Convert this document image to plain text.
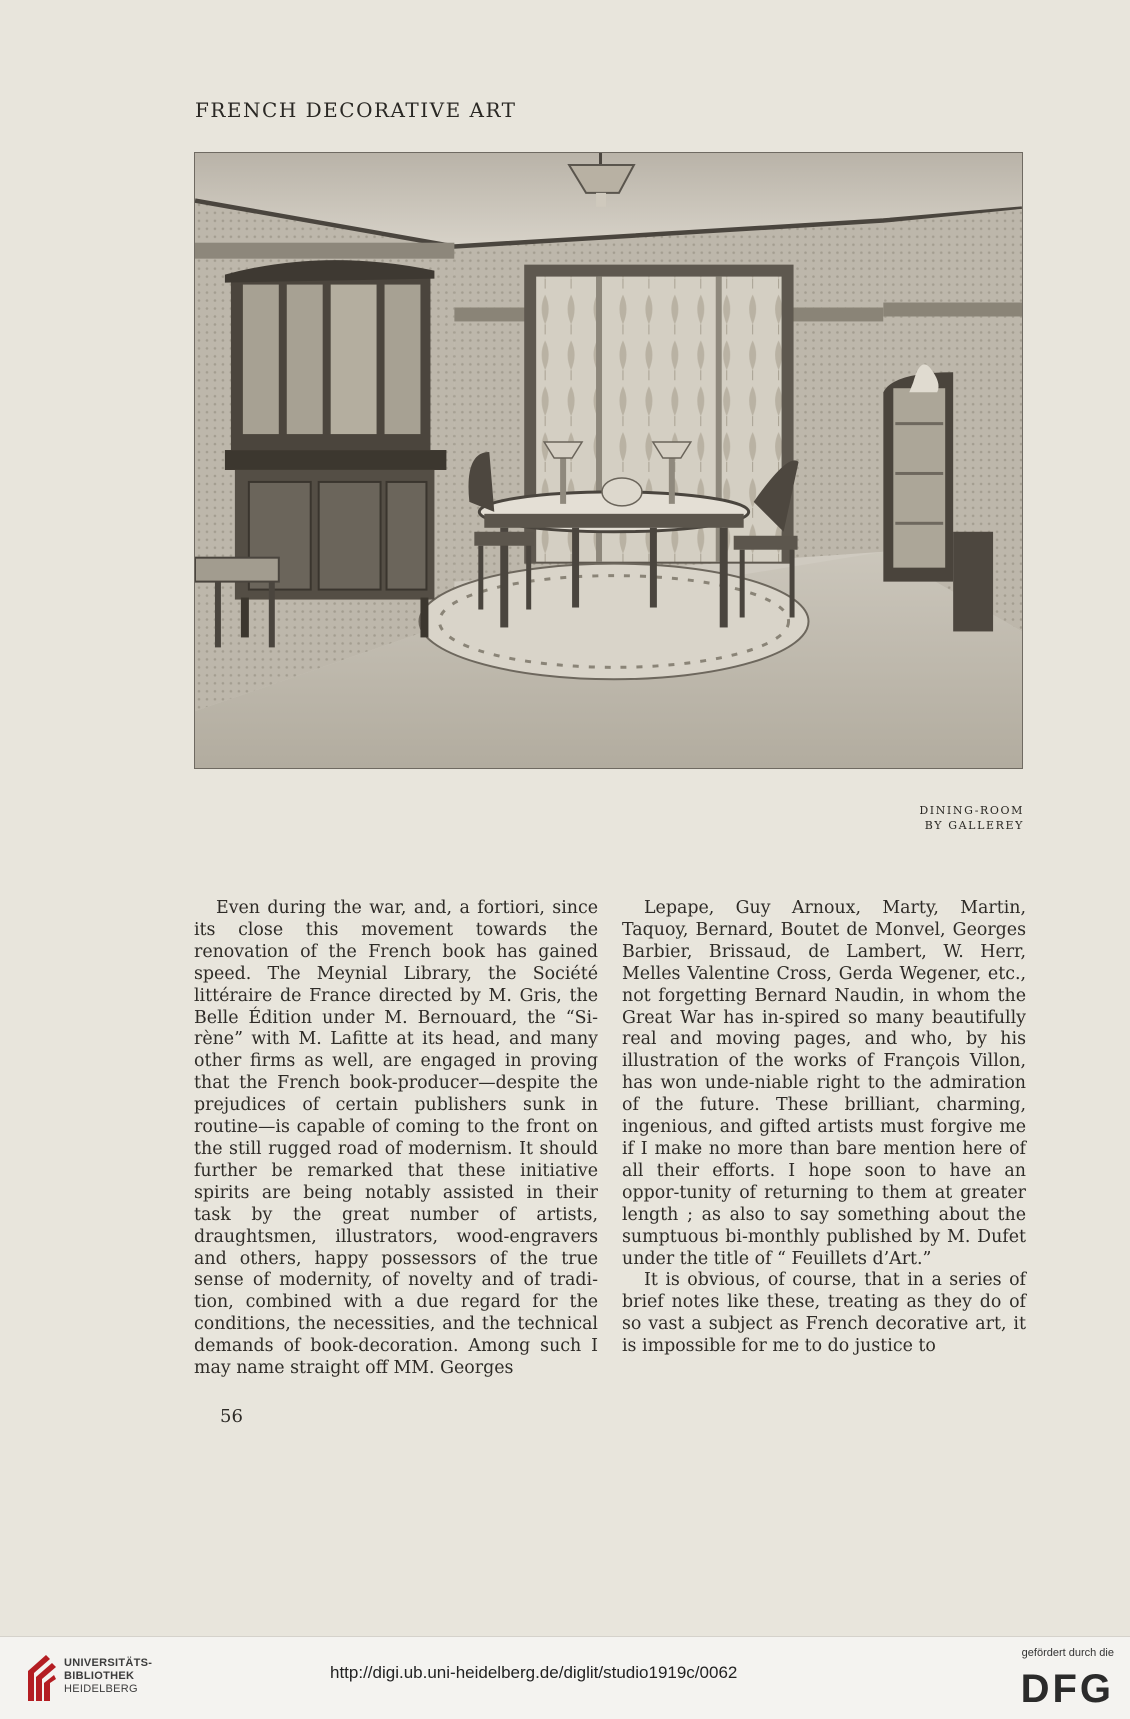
FRENCH DECORATIVE ART
DINING-ROOM
BY GALLEREY

Even during the war, and, a fortiori, since its close this movement towards the renovation of the French book has gained speed. The Meynial Library, the Société littéraire de France directed by M. Gris, the Belle Édition under M. Bernouard, the “Si-rène” with M. Lafitte at its head, and many other firms as well, are engaged in proving that the French book-producer—despite the prejudices of certain publishers sunk in routine—is capable of coming to the front on the still rugged road of modernism. It should further be remarked that these initiative spirits are being notably assisted in their task by the great number of artists, draughtsmen, illustrators, wood-engravers and others, happy possessors of the true sense of modernity, of novelty and of tradi-tion, combined with a due regard for the conditions, the necessities, and the technical demands of book-decoration. Among such I may name straight off MM. Georges

Lepape, Guy Arnoux, Marty, Martin, Taquoy, Bernard, Boutet de Monvel, Georges Barbier, Brissaud, de Lambert, W. Herr, Melles Valentine Cross, Gerda Wegener, etc., not forgetting Bernard Naudin, in whom the Great War has in-spired so many beautifully real and moving pages, and who, by his illustration of the works of François Villon, has won unde-niable right to the admiration of the future. These brilliant, charming, ingenious, and gifted artists must forgive me if I make no more than bare mention here of all their efforts. I hope soon to have an oppor-tunity of returning to them at greater length ; as also to say something about the sumptuous bi-monthly published by M. Dufet under the title of “ Feuillets d’Art.”

It is obvious, of course, that in a series of brief notes like these, treating as they do of so vast a subject as French decorative art, it is impossible for me to do justice to

56
UNIVERSITÄTS-
BIBLIOTHEK
HEIDELBERG
http://digi.ub.uni-heidelberg.de/diglit/studio1919c/0062
gefördert durch die
DFG
